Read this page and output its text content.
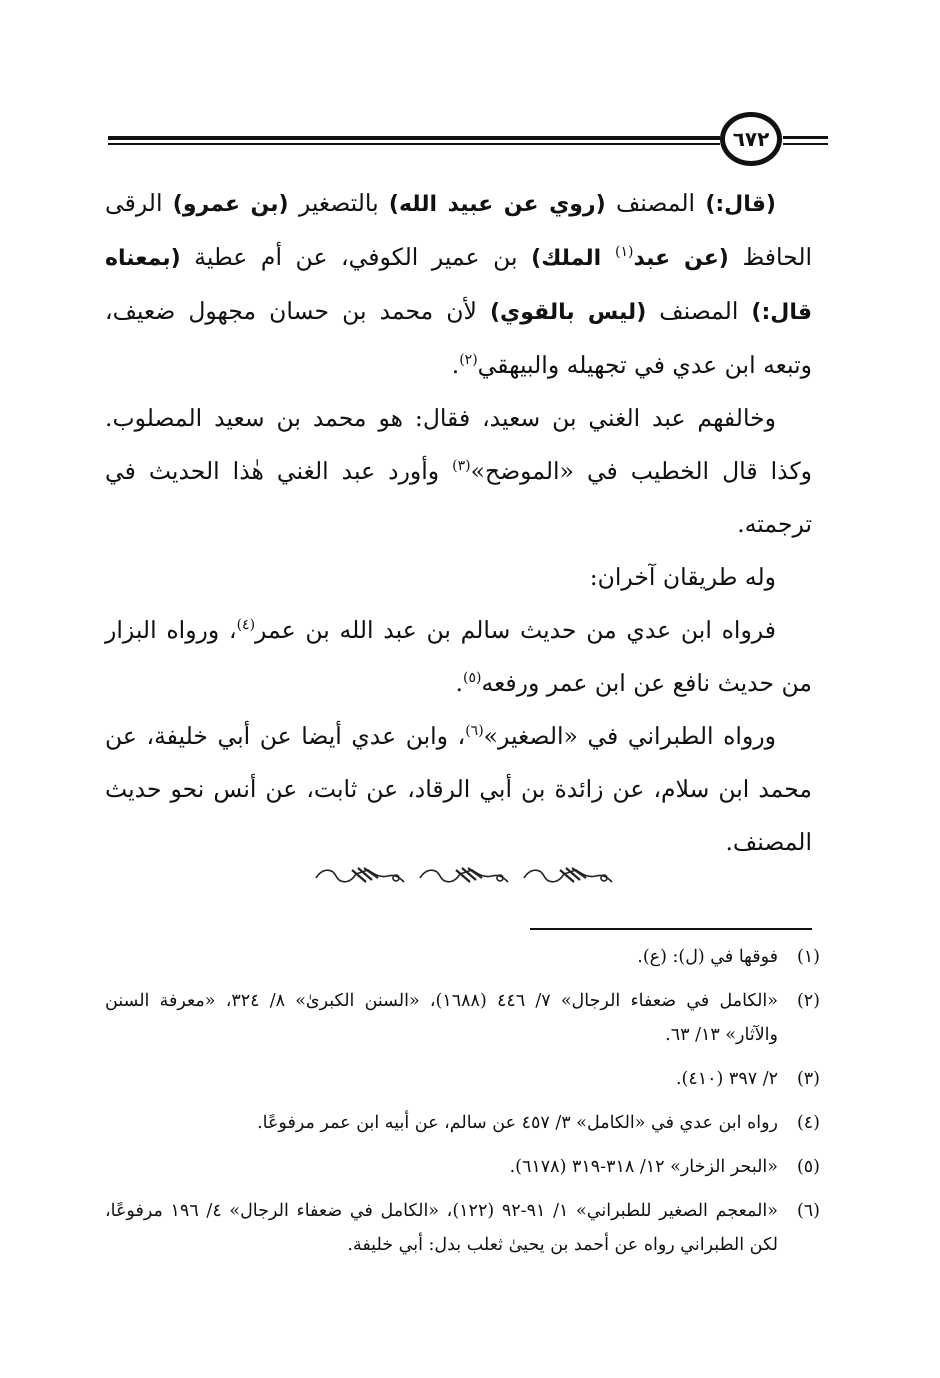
٦٧٢

(قال:) المصنف (روي عن عبيد الله) بالتصغير (بن عمرو) الرقى الحافظ (عن عبد$^{(١)}$ الملك) بن عمير الكوفي، عن أم عطية (بمعناه قال:) المصنف (ليس بالقوي) لأن محمد بن حسان مجهول ضعيف، وتبعه ابن عدي في تجهيله والبيهقي$^{(٢)}$.

وخالفهم عبد الغني بن سعيد، فقال: هو محمد بن سعيد المصلوب. وكذا قال الخطيب في «الموضح»$^{(٣)}$ وأورد عبد الغني هٰذا الحديث في ترجمته.

وله طريقان آخران:

فرواه ابن عدي من حديث سالم بن عبد الله بن عمر$^{(٤)}$، ورواه البزار من حديث نافع عن ابن عمر ورفعه$^{(٥)}$.

ورواه الطبراني في «الصغير»$^{(٦)}$، وابن عدي أيضا عن أبي خليفة، عن محمد ابن سلام، عن زائدة بن أبي الرقاد، عن ثابت، عن أنس نحو حديث المصنف.

(١)
فوقها في (ل): (ع).
(٢)
«الكامل في ضعفاء الرجال» ٧/ ٤٤٦ (١٦٨٨)، «السنن الكبرىٰ» ٨/ ٣٢٤، «معرفة السنن والآثار» ١٣/ ٦٣.
(٣)
٢/ ٣٩٧ (٤١٠).
(٤)
رواه ابن عدي في «الكامل» ٣/ ٤٥٧ عن سالم، عن أبيه ابن عمر مرفوعًا.
(٥)
«البحر الزخار» ١٢/ ٣١٨-٣١٩ (٦١٧٨).
(٦)
«المعجم الصغير للطبراني» ١/ ٩١-٩٢ (١٢٢)، «الكامل في ضعفاء الرجال» ٤/ ١٩٦ مرفوعًا، لكن الطبراني رواه عن أحمد بن يحيىٰ ثعلب بدل: أبي خليفة.
